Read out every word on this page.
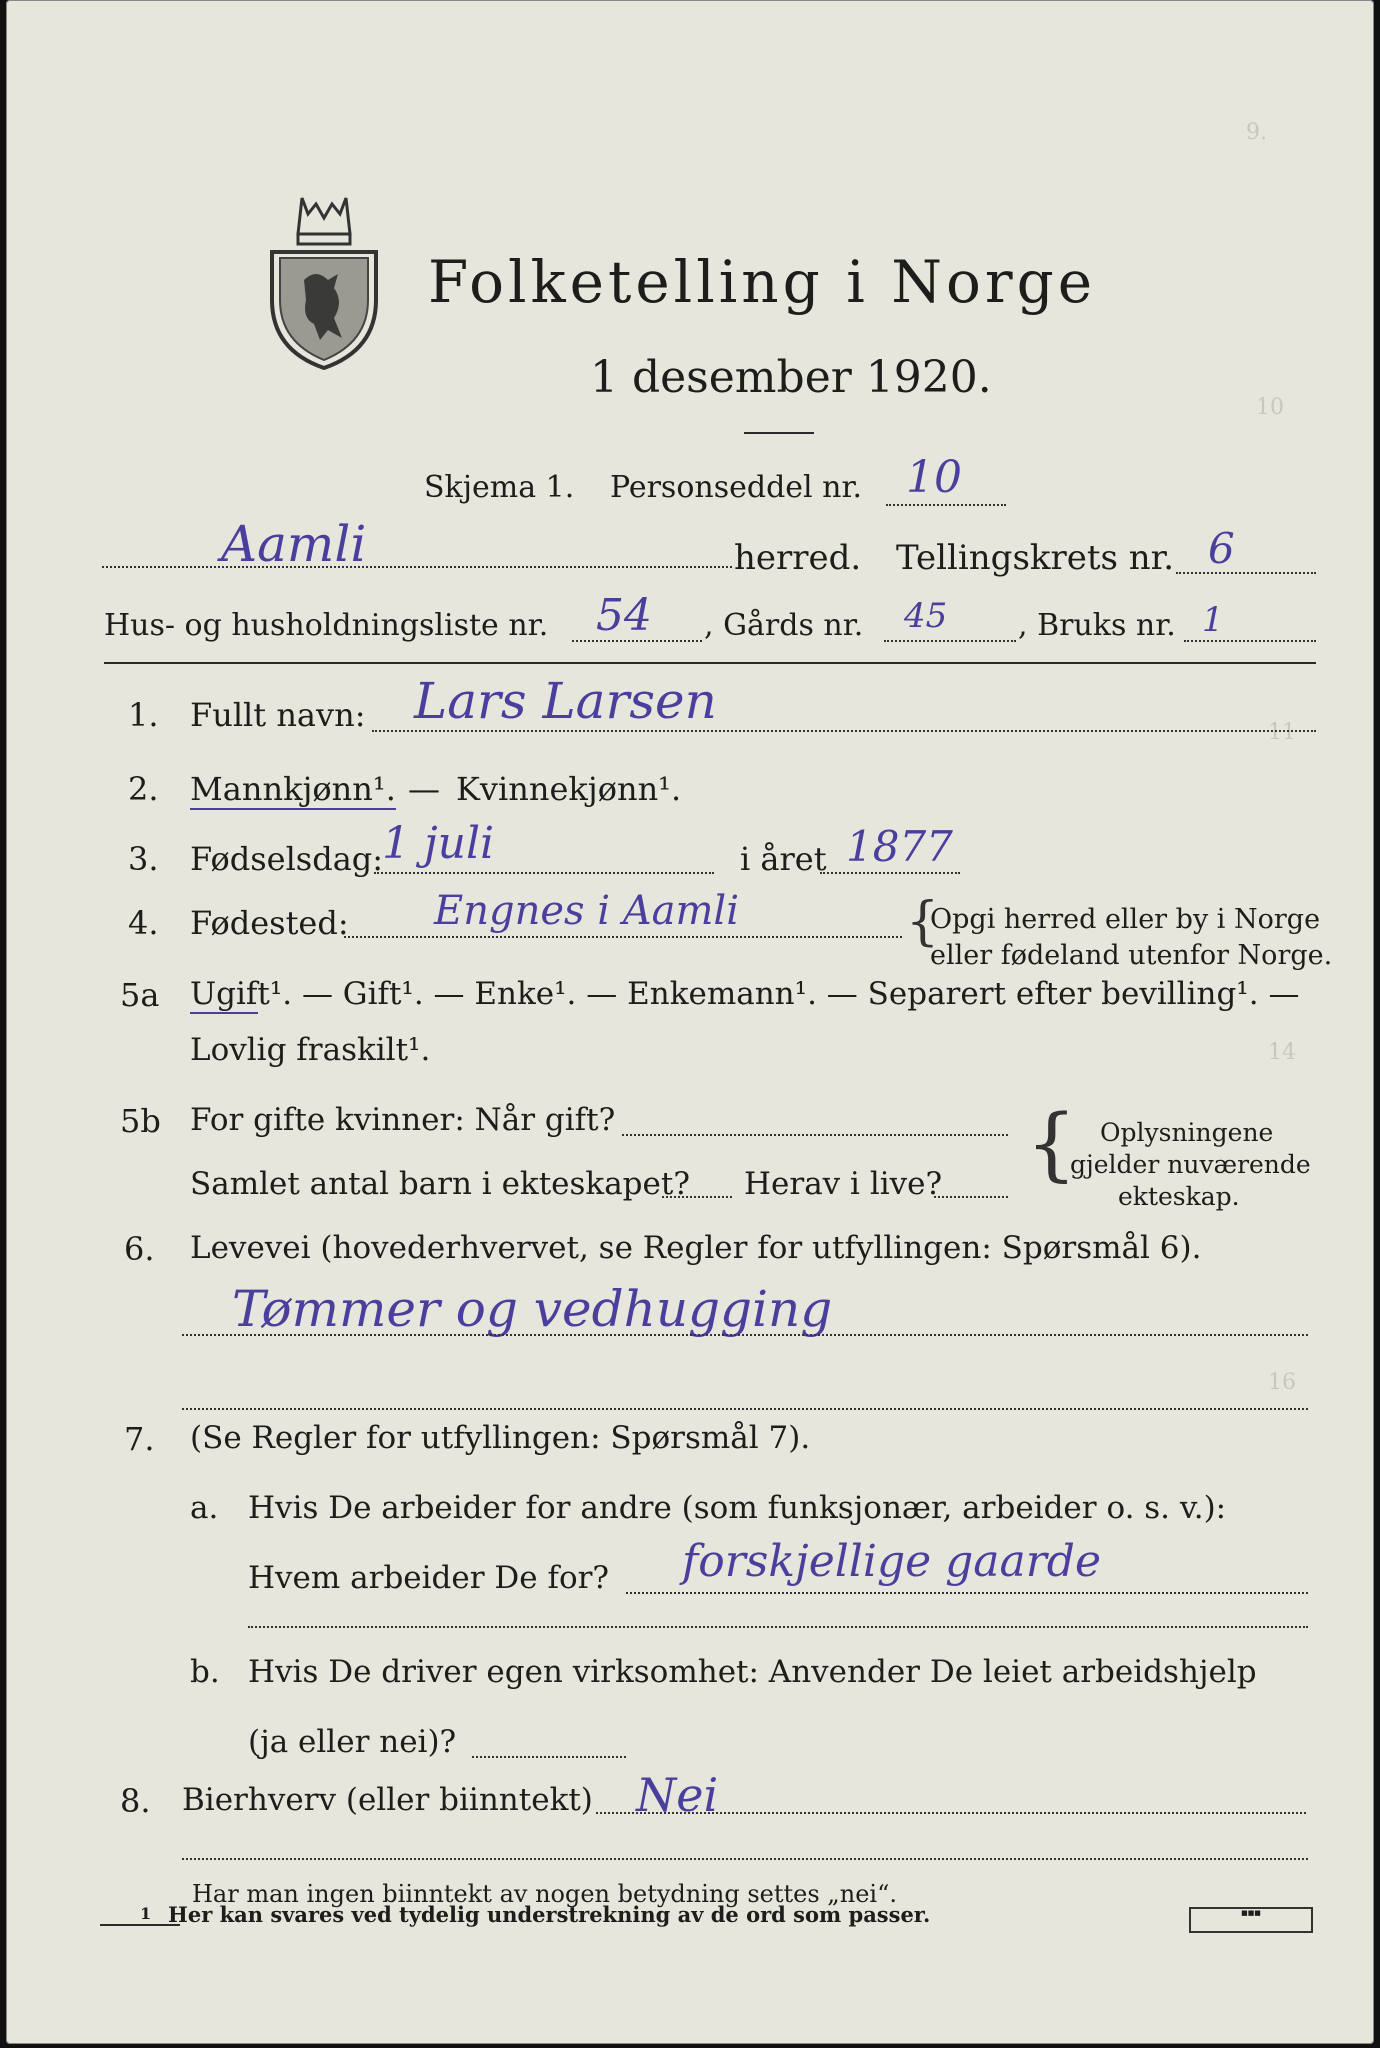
9.
10
11
14
16
Folketelling i Norge
1 desember 1920.
Skjema 1. Personseddel nr. 10
Aamli	herred. Tellingskrets nr. 6
Hus- og husholdningsliste nr. 54 , Gårds nr. 45 , Bruks nr. 1
1. Fullt navn: Lars Larsen
2. Mannkjønn¹. — Kvinnekjønn¹.
3. Fødselsdag:
1 juli	i året 1877
4. Fødested: Engnes i Aamli	{
Opgi herred eller by i Norge
eller fødeland utenfor Norge.
5a Ugift¹. — Gift¹. — Enke¹. — Enkemann¹. — Separert efter bevilling¹. —
Lovlig fraskilt¹.
5b For gifte kvinner: Når gift?
Samlet antal barn i ekteskapet? Herav i live? { Oplysningene
gjelder nuværende
ekteskap.
6. Levevei (hovederhvervet, se Regler for utfyllingen: Spørsmål 6).
Tømmer og vedhugging
7. (Se Regler for utfyllingen: Spørsmål 7).
a. Hvis De arbeider for andre (som funksjonær, arbeider o. s. v.):
Hvem arbeider De for? forskjellige gaarde
b. Hvis De driver egen virksomhet: Anvender De leiet arbeidshjelp
(ja eller nei)?
8. Bierhverv (eller biinntekt) Nei
Har man ingen biinntekt av nogen betydning settes „nei“.
1 Her kan svares ved tydelig understrekning av de ord som passer.	■■■
